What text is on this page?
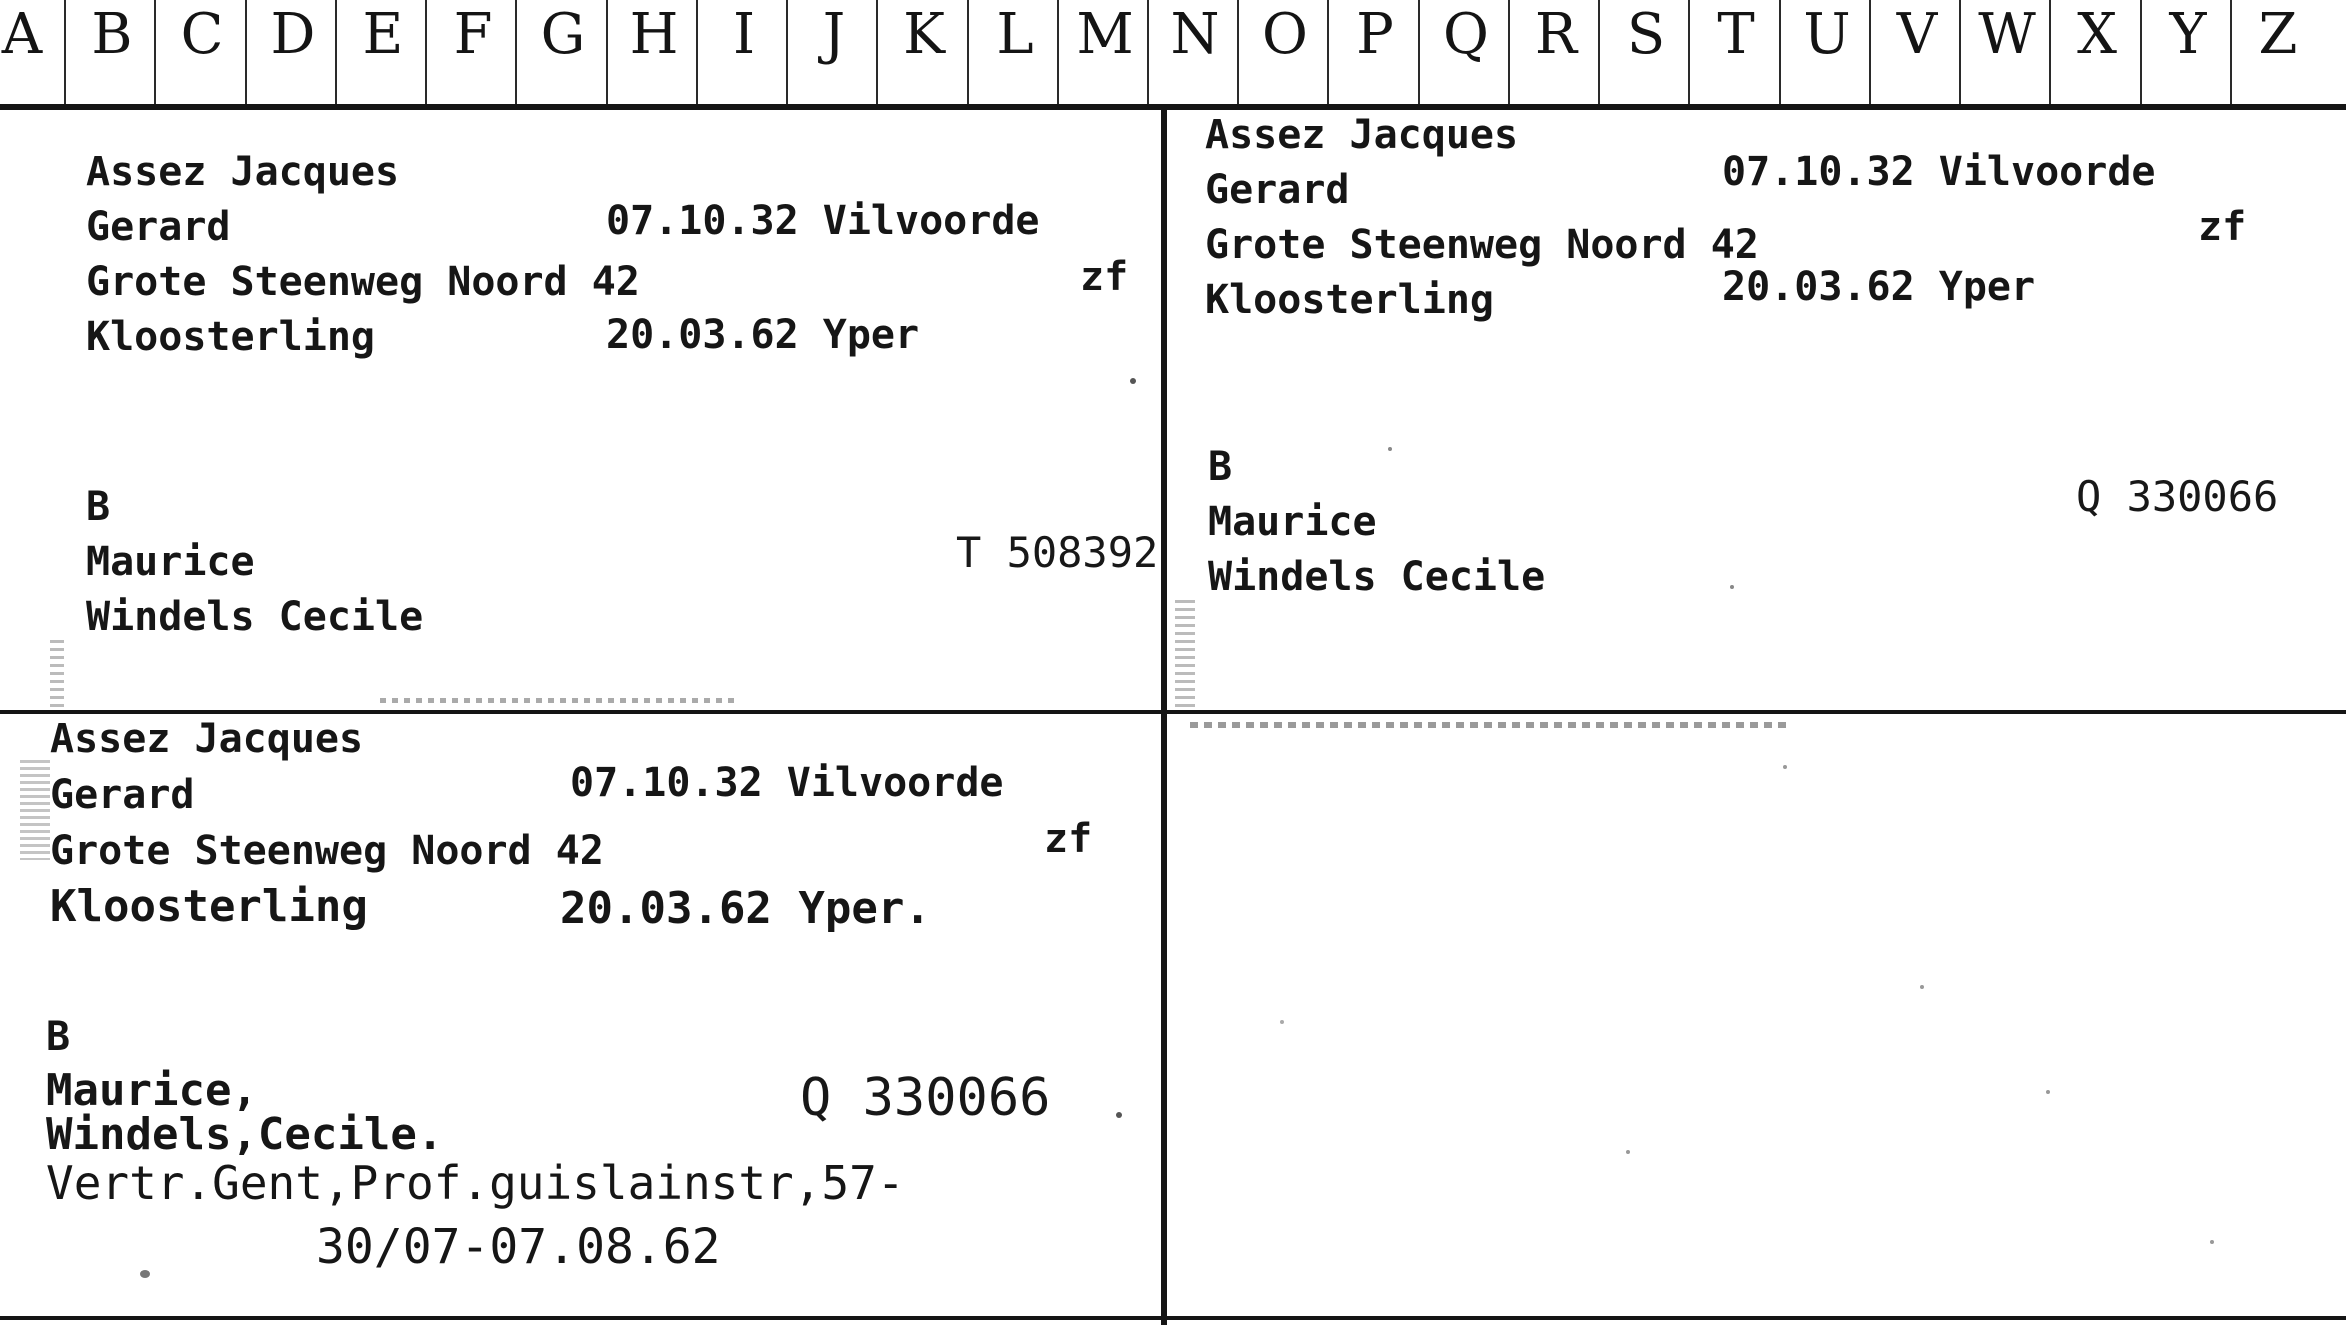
A B C D E F G H I	J	K L M N O P Q R S T U V W X Y Z
Assez Jacques
Gerard
Grote Steenweg Noord 42
Kloosterling
07.10.32 Vilvoorde
20.03.62 Yper
zf
B
Maurice
Windels Cecile
T 508392
Assez Jacques
Gerard
Grote Steenweg Noord 42
Kloosterling
07.10.32 Vilvoorde
20.03.62 Yper
zf
B
Maurice
Windels Cecile
Q 330066
Assez Jacques
Gerard
Grote Steenweg Noord 42
Kloosterling
07.10.32 Vilvoorde
20.03.62 Yper.
zf
B
Maurice,
Windels,Cecile.
Q 330066
Vertr.Gent,Prof.guislainstr,57-
30/07-07.08.62
